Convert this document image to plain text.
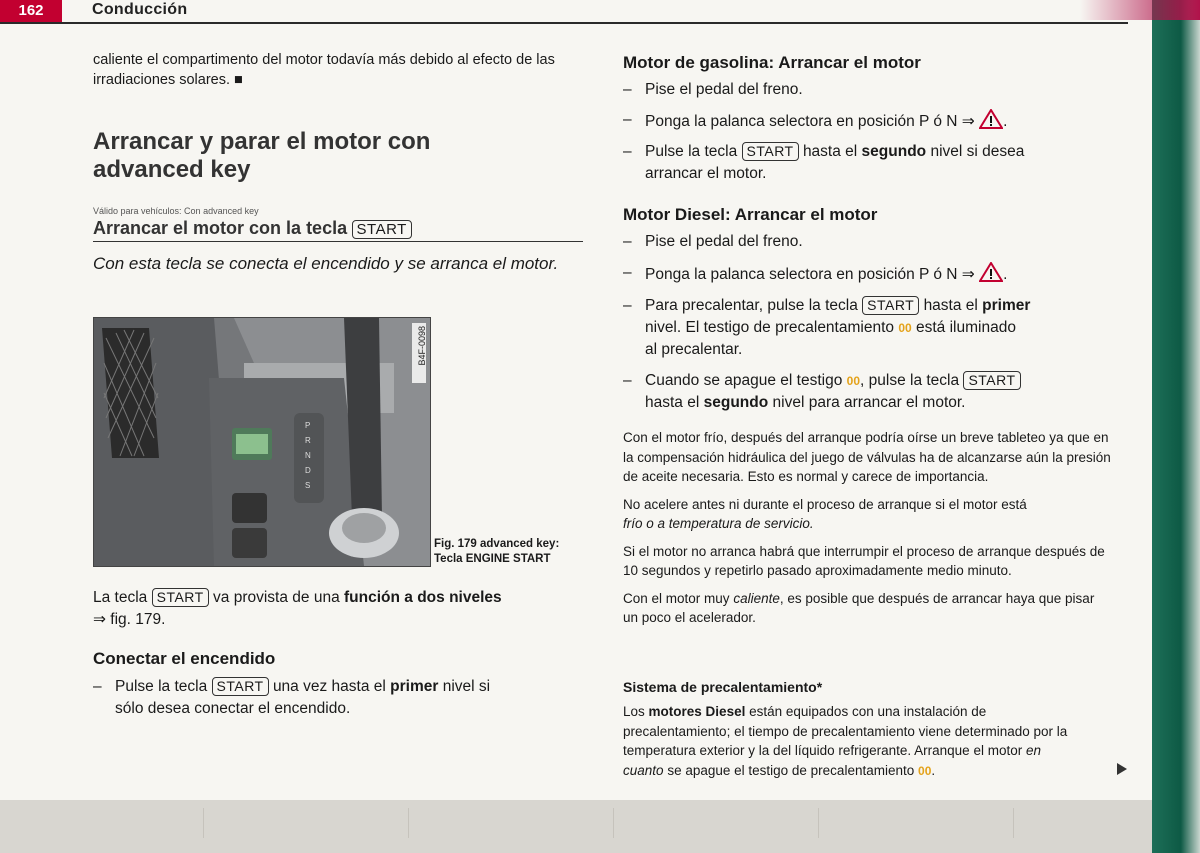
162	Conducción

caliente el compartimento del motor todavía más debido al efecto de las irradiaciones solares. ■

Arrancar y parar el motor con advanced key
Válido para vehículos: Con advanced key
Arrancar el motor con la tecla START
Con esta tecla se conecta el encendido y se arranca el motor.
P
R
N
D
S
B4F-0098
Fig. 179 advanced key:
Tecla ENGINE START
La tecla START va provista de una función a dos niveles
⇒ fig. 179.
Conectar el encendido
– Pulse la tecla START una vez hasta el primer nivel si
sólo desea conectar el encendido.
Motor de gasolina: Arrancar el motor
– Pise el pedal del freno.
– Ponga la palanca selectora en posición P ó N ⇒ .
– Pulse la tecla START hasta el segundo nivel si desea
arrancar el motor.
Motor Diesel: Arrancar el motor
– Pise el pedal del freno.
– Ponga la palanca selectora en posición P ó N ⇒ .
– Para precalentar, pulse la tecla START hasta el primer
nivel. El testigo de precalentamiento 00 está iluminado
al precalentar.
– Cuando se apague el testigo 00, pulse la tecla START
hasta el segundo nivel para arrancar el motor.

Con el motor frío, después del arranque podría oírse un breve tableteo ya que en la compensación hidráulica del juego de válvulas ha de alcanzarse aún la presión de aceite necesaria. Esto es normal y carece de importancia.

No acelere antes ni durante el proceso de arranque si el motor está
frío o a temperatura de servicio.

Si el motor no arranca habrá que interrumpir el proceso de arranque después de 10 segundos y repetirlo pasado aproximadamente medio minuto.

Con el motor muy caliente, es posible que después de arrancar haya que pisar un poco el acelerador.

Sistema de precalentamiento*
Los motores Diesel están equipados con una instalación de precalentamiento; el tiempo de precalentamiento viene determinado por la temperatura exterior y la del líquido refrigerante. Arranque el motor en cuanto se apague el testigo de precalentamiento 00.
